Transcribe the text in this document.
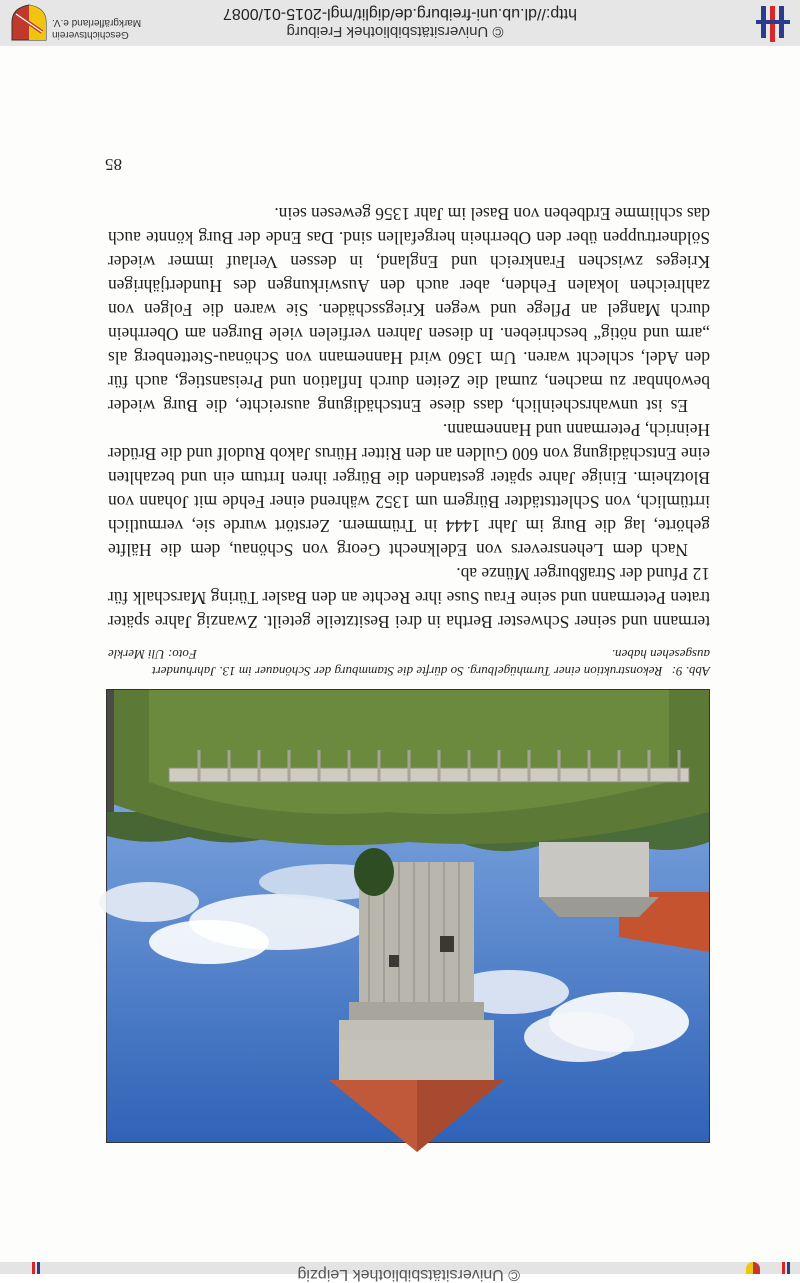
© Universitätsbibliothek Leipzig
Abb. 9: Rekonstruktion einer Turmhügelburg. So dürfte die Stammburg der Schönauer im 13. Jahrhundert ausgesehen haben.
Foto: Uli Merkle

termann und seiner Schwester Bertha in drei Besitzteile geteilt. Zwanzig Jahre später traten Petermann und seine Frau Suse ihre Rechte an den Basler Türing Marschalk für 12 Pfund der Straßburger Münze ab.

Nach dem Lehensrevers von Edelknecht Georg von Schönau, dem die Hälfte gehörte, lag die Burg im Jahr 1444 in Trümmern. Zerstört wurde sie, vermutlich irrtümlich, von Schlettstädter Bürgern um 1352 während einer Fehde mit Johann von Blotzheim. Einige Jahre später gestanden die Bürger ihren Irrtum ein und bezahlten eine Entschädigung von 600 Gulden an den Ritter Hürus Jakob Rudolf und die Brüder Heinrich, Petermann und Hannemann.

Es ist unwahrscheinlich, dass diese Entschädigung ausreichte, die Burg wieder bewohnbar zu machen, zumal die Zeiten durch Inflation und Preisanstieg, auch für den Adel, schlecht waren. Um 1360 wird Hannemann von Schönau-Stettenberg als „arm und nötig“ beschrieben. In diesen Jahren verfielen viele Burgen am Oberrhein durch Mangel an Pflege und wegen Kriegsschäden. Sie waren die Folgen von zahlreichen lokalen Fehden, aber auch den Auswirkungen des Hundertjährigen Krieges zwischen Frankreich und England, in dessen Verlauf immer wieder Söldnertruppen über den Oberrhein hergefallen sind. Das Ende der Burg könnte auch das schlimme Erdbeben von Basel im Jahr 1356 gewesen sein.

85
© Universitätsbibliothek Freiburg
http://dl.ub.uni-freiburg.de/diglit/mgl-2015-01/0087
Geschichtsverein
Markgräflerland e.V.
